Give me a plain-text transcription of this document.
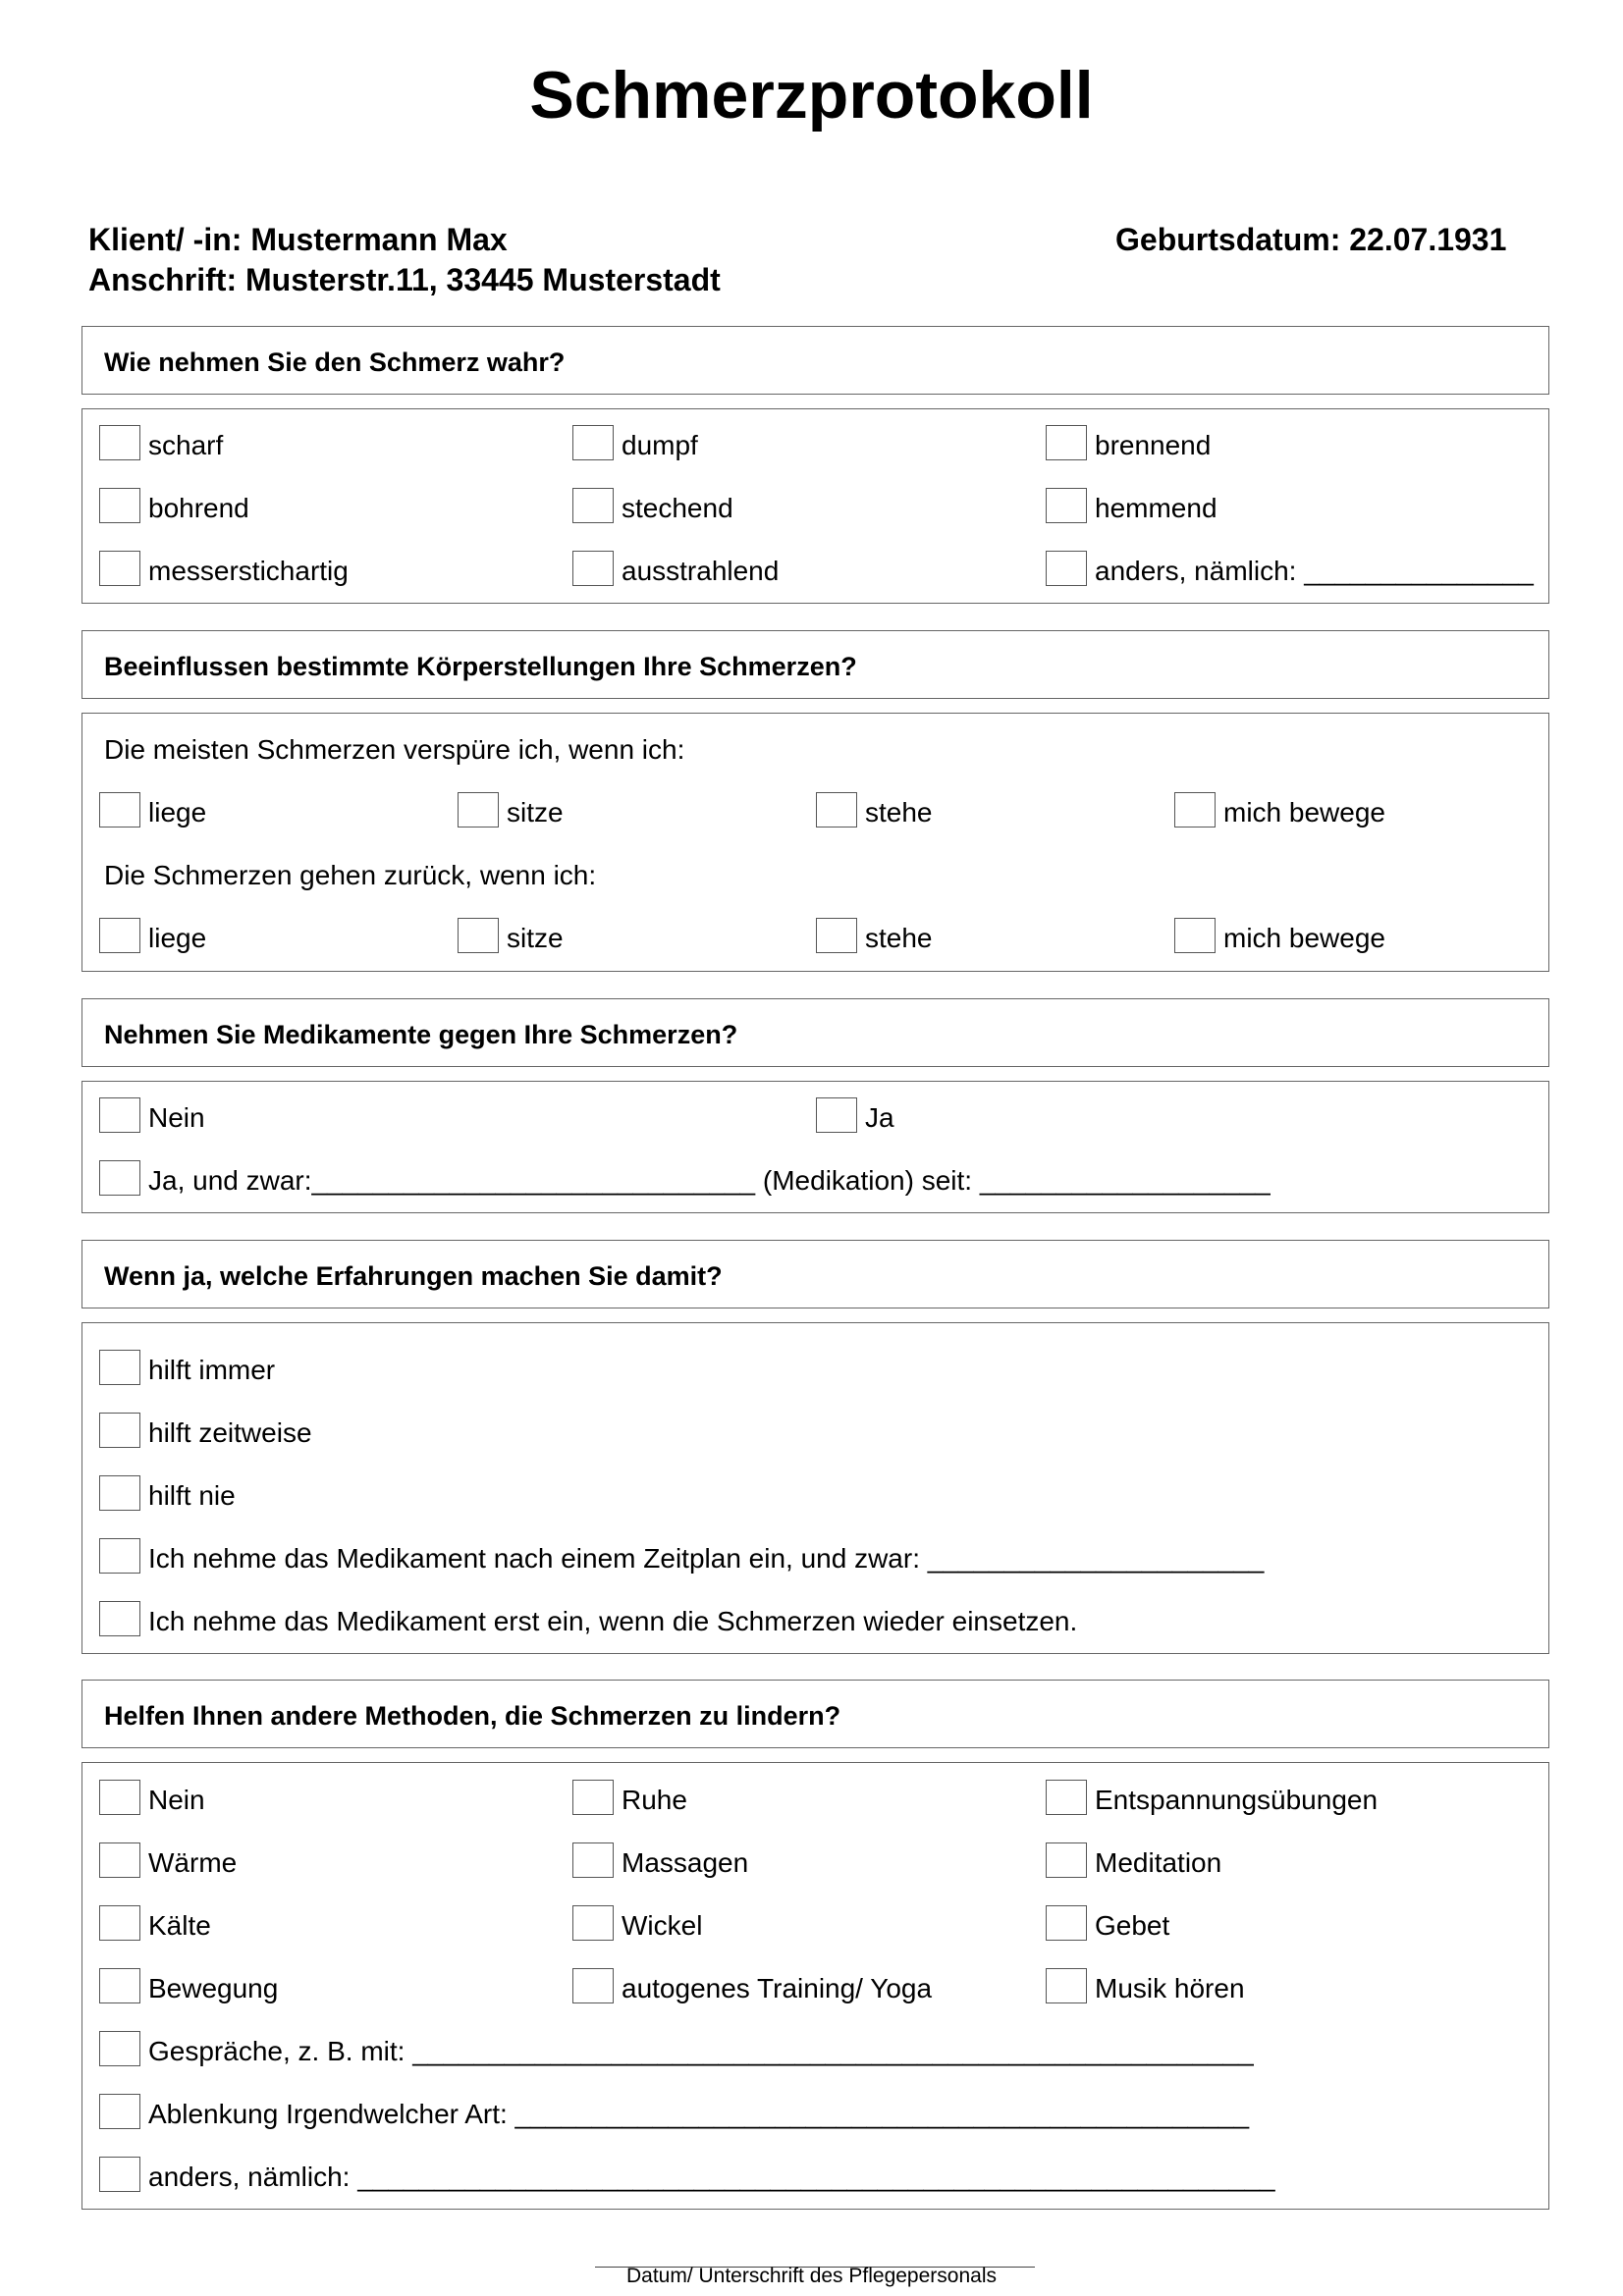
Schmerzprotokoll
Klient/ -in: Mustermann Max	Geburtsdatum: 22.07.1931
Anschrift: Musterstr.11, 33445 Musterstadt
Wie nehmen Sie den Schmerz wahr?
scharf	dumpf	brennend
bohrend	stechend	hemmend
messerstichartig	ausstrahlend	anders, nämlich: _______________
Beeinflussen bestimmte Körperstellungen Ihre Schmerzen?
Die meisten Schmerzen verspüre ich, wenn ich:
liege	sitze	stehe	mich bewege
Die Schmerzen gehen zurück, wenn ich:
liege	sitze	stehe	mich bewege
Nehmen Sie Medikamente gegen Ihre Schmerzen?
Nein	Ja
Ja, und zwar:_____________________________ (Medikation) seit: ___________________
Wenn ja, welche Erfahrungen machen Sie damit?
hilft immer
hilft zeitweise
hilft nie
Ich nehme das Medikament nach einem Zeitplan ein, und zwar: ______________________
Ich nehme das Medikament erst ein, wenn die Schmerzen wieder einsetzen.
Helfen Ihnen andere Methoden, die Schmerzen zu lindern?
Nein	Ruhe	Entspannungsübungen
Wärme	Massagen	Meditation
Kälte	Wickel	Gebet
Bewegung	autogenes Training/ Yoga	Musik hören
Gespräche, z. B. mit: _______________________________________________________
Ablenkung Irgendwelcher Art: ________________________________________________
anders, nämlich: ____________________________________________________________
Datum/ Unterschrift des Pflegepersonals
